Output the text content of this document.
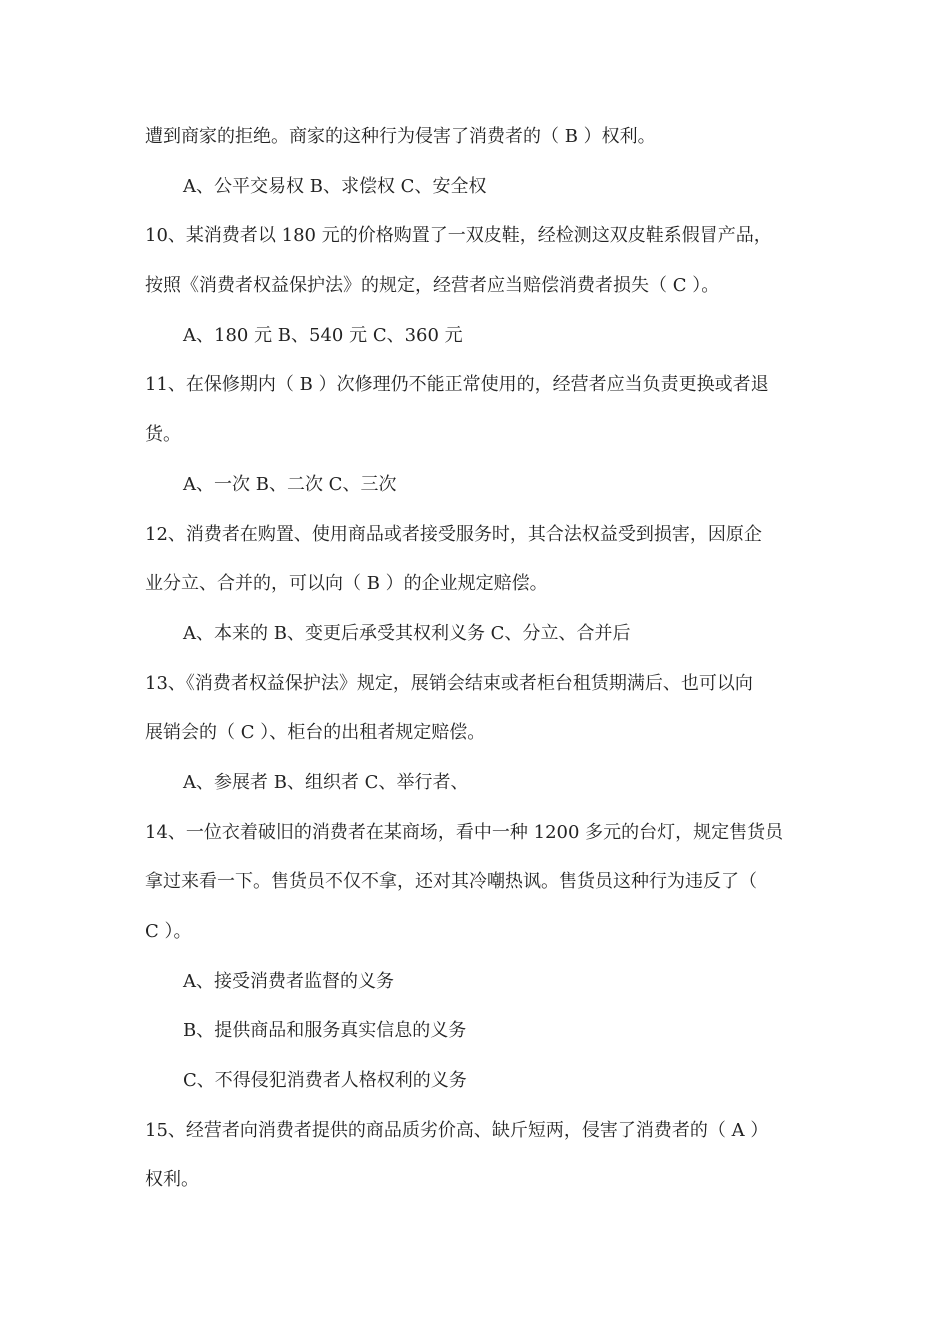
遭到商家的拒绝。商家的这种行为侵害了消费者的（ B ）权利。
A、公平交易权 B、求偿权 C、安全权
10、某消费者以 180 元的价格购置了一双皮鞋，经检测这双皮鞋系假冒产品，
按照《消费者权益保护法》的规定，经营者应当赔偿消费者损失（ C ）。
A、180 元 B、540 元 C、360 元
11、在保修期内（ B ）次修理仍不能正常使用的，经营者应当负责更换或者退
货。
A、一次 B、二次 C、三次
12、消费者在购置、使用商品或者接受服务时，其合法权益受到损害，因原企
业分立、合并的，可以向（ B ）的企业规定赔偿。
A、本来的 B、变更后承受其权利义务 C、分立、合并后
13、《消费者权益保护法》规定，展销会结束或者柜台租赁期满后、也可以向
展销会的（ C ）、柜台的出租者规定赔偿。
A、参展者 B、组织者 C、举行者、
14、一位衣着破旧的消费者在某商场，看中一种 1200 多元的台灯，规定售货员
拿过来看一下。售货员不仅不拿，还对其冷嘲热讽。售货员这种行为违反了（
C ）。
A、接受消费者监督的义务
B、提供商品和服务真实信息的义务
C、不得侵犯消费者人格权利的义务
15、经营者向消费者提供的商品质劣价高、缺斤短两，侵害了消费者的（ A ）
权利。
